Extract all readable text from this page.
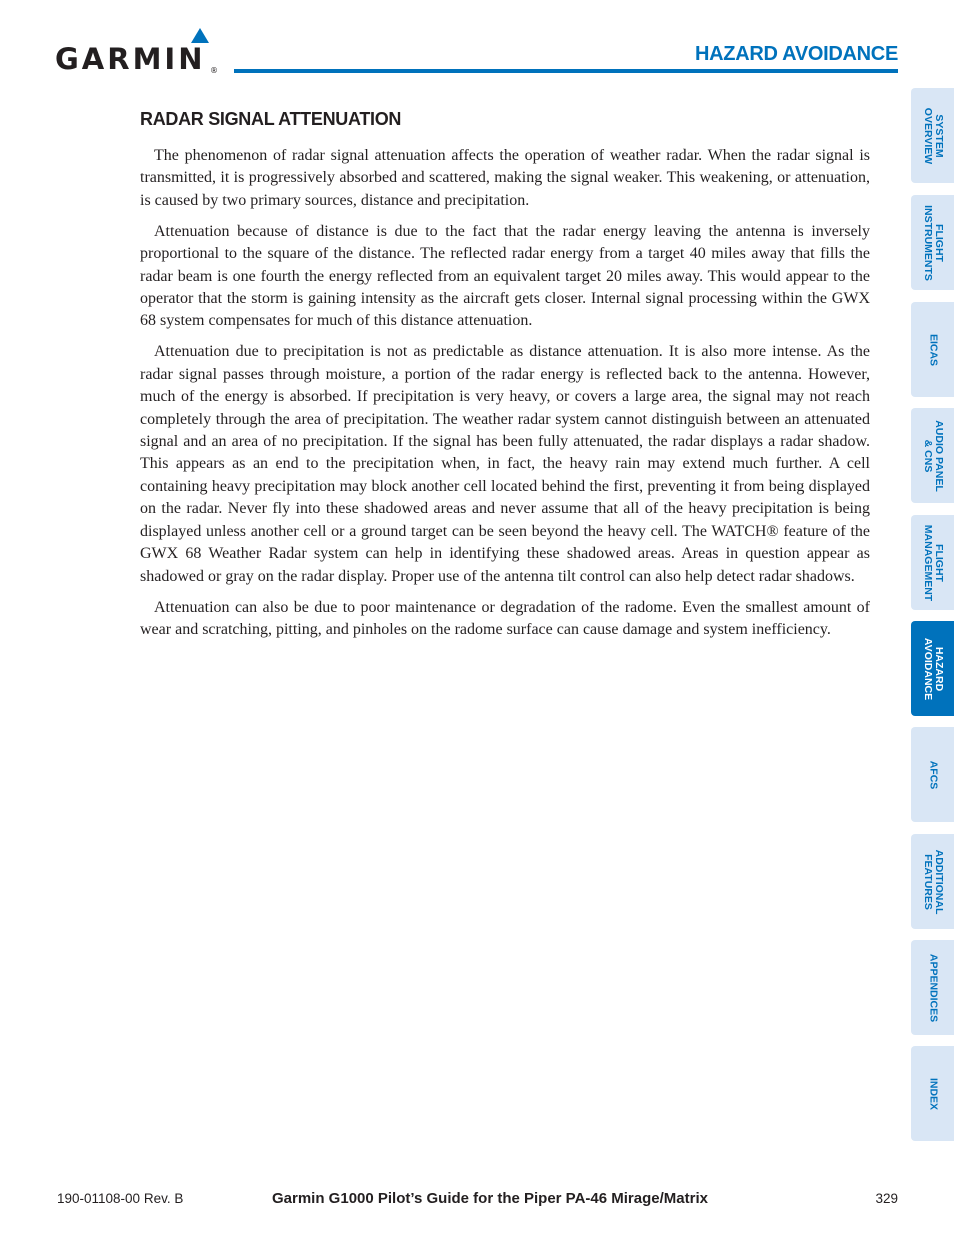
GARMIN ®
HAZARD AVOIDANCE
RADAR SIGNAL ATTENUATION

The phenomenon of radar signal attenuation affects the operation of weather radar. When the radar signal is transmitted, it is progressively absorbed and scattered, making the signal weaker. This weakening, or attenuation, is caused by two primary sources, distance and precipitation.

Attenuation because of distance is due to the fact that the radar energy leaving the antenna is inversely proportional to the square of the distance. The reflected radar energy from a target 40 miles away that fills the radar beam is one fourth the energy reflected from an equivalent target 20 miles away. This would appear to the operator that the storm is gaining intensity as the aircraft gets closer. Internal signal processing within the GWX 68 system compensates for much of this distance attenuation.

Attenuation due to precipitation is not as predictable as distance attenuation. It is also more intense. As the radar signal passes through moisture, a portion of the radar energy is reflected back to the antenna. However, much of the energy is absorbed. If precipitation is very heavy, or covers a large area, the signal may not reach completely through the area of precipitation. The weather radar system cannot distinguish between an attenuated signal and an area of no precipitation. If the signal has been fully attenuated, the radar displays a radar shadow. This appears as an end to the precipitation when, in fact, the heavy rain may extend much further. A cell containing heavy precipitation may block another cell located behind the first, preventing it from being displayed on the radar. Never fly into these shadowed areas and never assume that all of the heavy precipitation is being displayed unless another cell or a ground target can be seen beyond the heavy cell. The WATCH® feature of the GWX 68 Weather Radar system can help in identifying these shadowed areas. Areas in question appear as shadowed or gray on the radar display. Proper use of the antenna tilt control can also help detect radar shadows.

Attenuation can also be due to poor maintenance or degradation of the radome. Even the smallest amount of wear and scratching, pitting, and pinholes on the radome surface can cause damage and system inefficiency.

SYSTEM
OVERVIEW
FLIGHT
INSTRUMENTS
EICAS
AUDIO PANEL
& CNS
FLIGHT
MANAGEMENT
HAZARD
AVOIDANCE
AFCS
ADDITIONAL
FEATURES
APPENDICES
INDEX
190-01108-00 Rev. B	Garmin G1000 Pilot’s Guide for the Piper PA-46 Mirage/Matrix	329
